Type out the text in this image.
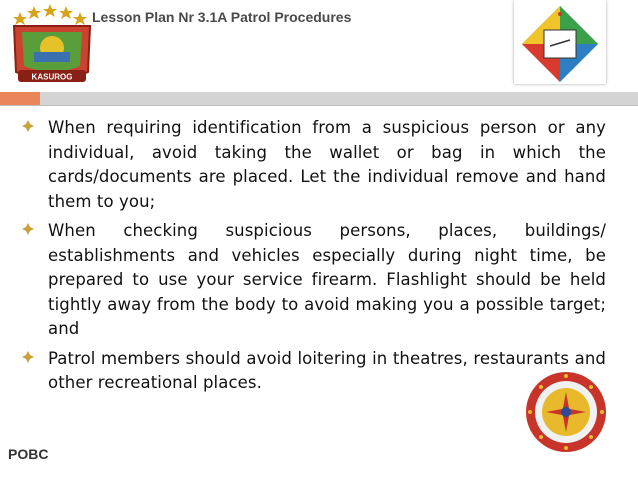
KASUROG
Lesson Plan Nr 3.1A Patrol Procedures
When requiring identification from a suspicious person or any individual, avoid taking the wallet or bag in which the cards/documents are placed. Let the individual remove and hand them to you;
When checking suspicious persons, places, buildings/ establishments and vehicles especially during night time, be prepared to use your service firearm. Flashlight should be held tightly away from the body to avoid making you a possible target; and
Patrol members should avoid loitering in theatres, restaurants and other recreational places.
POBC
